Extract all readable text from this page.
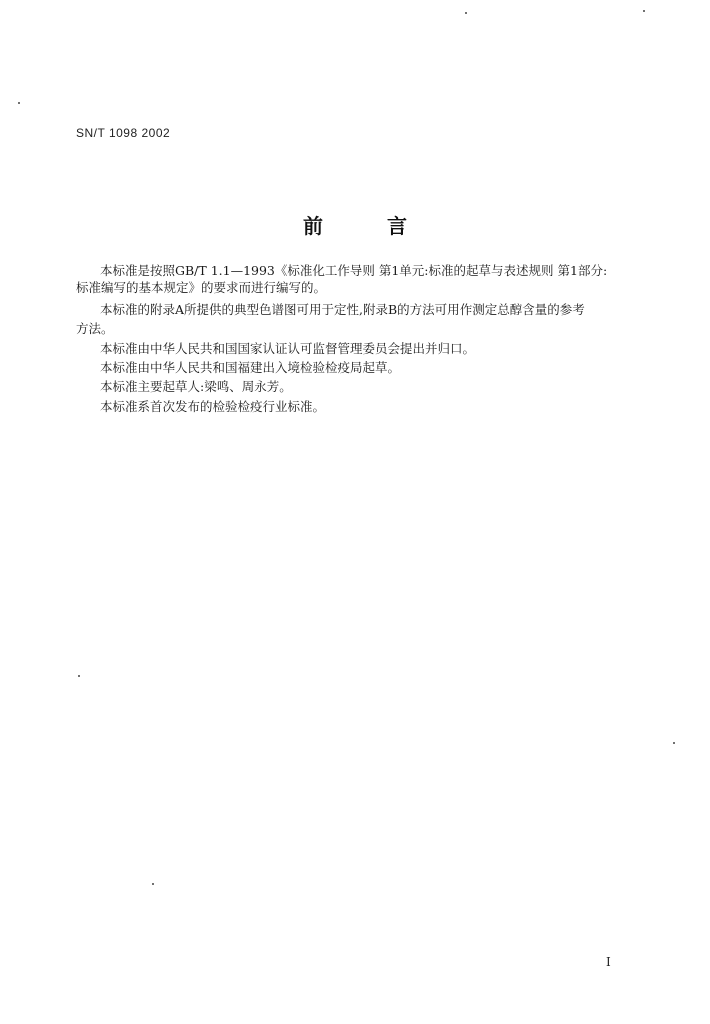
SN/T 1098 2002
前	言
本标准是按照GB/T 1.1—1993《标准化工作导则 第1单元:标准的起草与表述规则 第1部分:
标准编写的基本规定》的要求而进行编写的。
本标准的附录A所提供的典型色谱图可用于定性,附录B的方法可用作测定总醇含量的参考
方法。
本标准由中华人民共和国国家认证认可监督管理委员会提出并归口。
本标准由中华人民共和国福建出入境检验检疫局起草。
本标准主要起草人:梁鸣、周永芳。
本标准系首次发布的检验检疫行业标准。
I
